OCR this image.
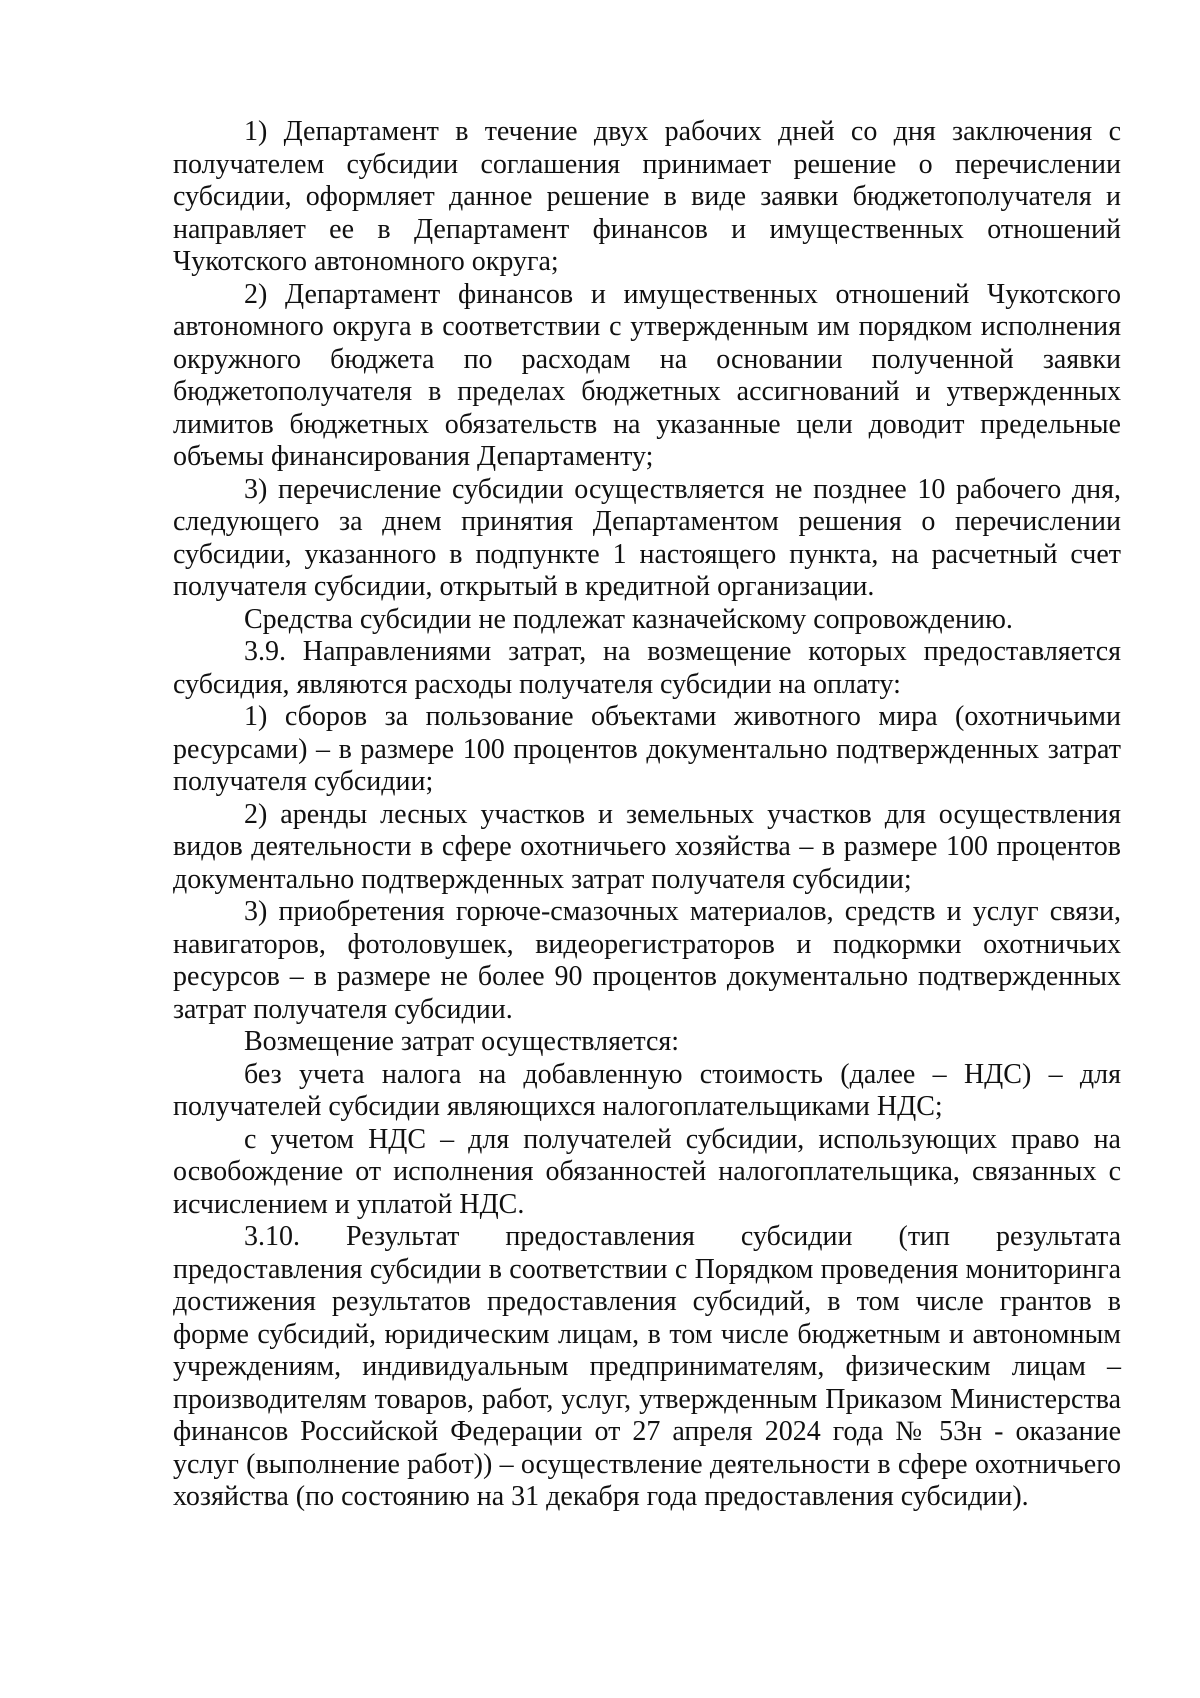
1) Департамент в течение двух рабочих дней со дня заключения с получателем субсидии соглашения принимает решение о перечислении субсидии, оформляет данное решение в виде заявки бюджетополучателя и направляет ее в Департамент финансов и имущественных отношений Чукотского автономного округа;

2) Департамент финансов и имущественных отношений Чукотского автономного округа в соответствии с утвержденным им порядком исполнения окружного бюджета по расходам на основании полученной заявки бюджетополучателя в пределах бюджетных ассигнований и утвержденных лимитов бюджетных обязательств на указанные цели доводит предельные объемы финансирования Департаменту;

3) перечисление субсидии осуществляется не позднее 10 рабочего дня, следующего за днем принятия Департаментом решения о перечислении субсидии, указанного в подпункте 1 настоящего пункта, на расчетный счет получателя субсидии, открытый в кредитной организации.

Средства субсидии не подлежат казначейскому сопровождению.

3.9. Направлениями затрат, на возмещение которых предоставляется субсидия, являются расходы получателя субсидии на оплату:

1) сборов за пользование объектами животного мира (охотничьими ресурсами) – в размере 100 процентов документально подтвержденных затрат получателя субсидии;

2) аренды лесных участков и земельных участков для осуществления видов деятельности в сфере охотничьего хозяйства – в размере 100 процентов документально подтвержденных затрат получателя субсидии;

3) приобретения горюче-смазочных материалов, средств и услуг связи, навигаторов, фотоловушек, видеорегистраторов и подкормки охотничьих ресурсов – в размере не более 90 процентов документально подтвержденных затрат получателя субсидии.

Возмещение затрат осуществляется:

без учета налога на добавленную стоимость (далее – НДС) – для получателей субсидии являющихся налогоплательщиками НДС;

с учетом НДС – для получателей субсидии, использующих право на освобождение от исполнения обязанностей налогоплательщика, связанных с исчислением и уплатой НДС.

3.10. Результат предоставления субсидии (тип результата предоставления субсидии в соответствии с Порядком проведения мониторинга достижения результатов предоставления субсидий, в том числе грантов в форме субсидий, юридическим лицам, в том числе бюджетным и автономным учреждениям, индивидуальным предпринимателям, физическим лицам – производителям товаров, работ, услуг, утвержденным Приказом Министерства финансов Российской Федерации от 27 апреля 2024 года № 53н - оказание услуг (выполнение работ)) – осуществление деятельности в сфере охотничьего хозяйства (по состоянию на 31 декабря года предоставления субсидии).
